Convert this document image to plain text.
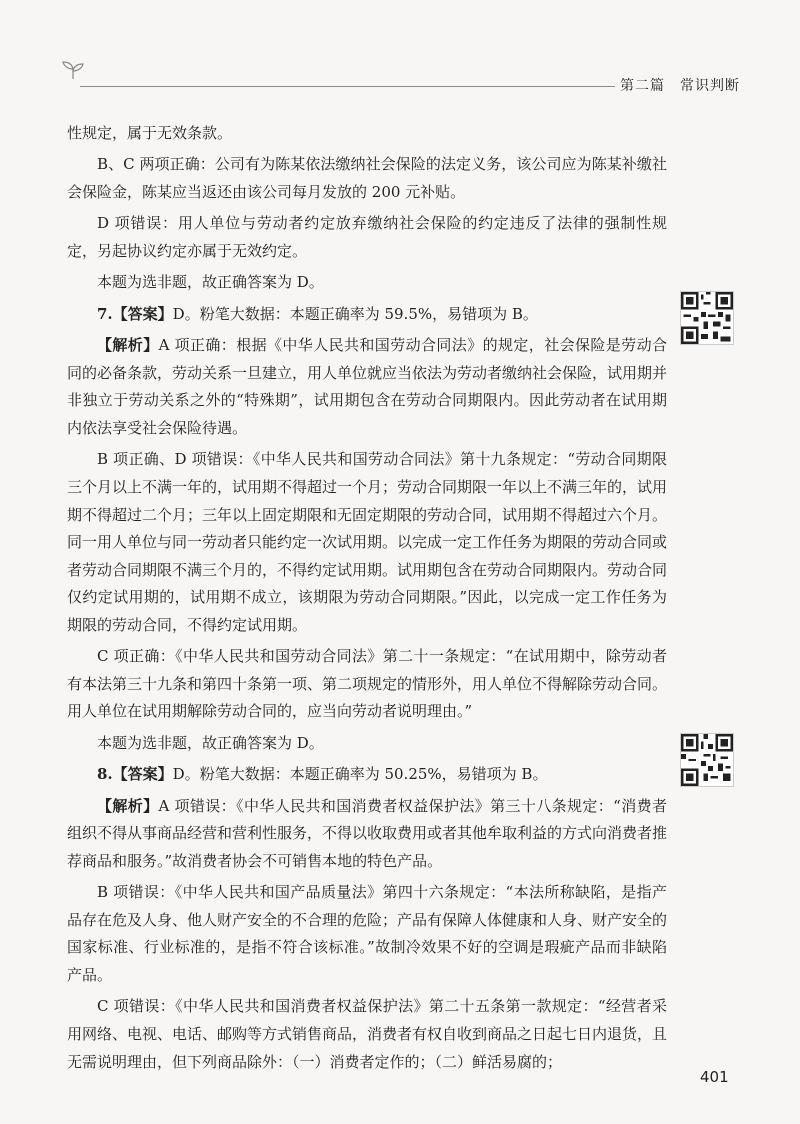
第二篇　常识判断

性规定，属于无效条款。

B、C 两项正确：公司有为陈某依法缴纳社会保险的法定义务，该公司应为陈某补缴社会保险金，陈某应当返还由该公司每月发放的 200 元补贴。

D 项错误：用人单位与劳动者约定放弃缴纳社会保险的约定违反了法律的强制性规定，另起协议约定亦属于无效约定。

本题为选非题，故正确答案为 D。

7.【答案】D。粉笔大数据：本题正确率为 59.5%，易错项为 B。

【解析】A 项正确：根据《中华人民共和国劳动合同法》的规定，社会保险是劳动合同的必备条款，劳动关系一旦建立，用人单位就应当依法为劳动者缴纳社会保险，试用期并非独立于劳动关系之外的“特殊期”，试用期包含在劳动合同期限内。因此劳动者在试用期内依法享受社会保险待遇。

B 项正确、D 项错误：《中华人民共和国劳动合同法》第十九条规定：“劳动合同期限三个月以上不满一年的，试用期不得超过一个月；劳动合同期限一年以上不满三年的，试用期不得超过二个月；三年以上固定期限和无固定期限的劳动合同，试用期不得超过六个月。同一用人单位与同一劳动者只能约定一次试用期。以完成一定工作任务为期限的劳动合同或者劳动合同期限不满三个月的，不得约定试用期。试用期包含在劳动合同期限内。劳动合同仅约定试用期的，试用期不成立，该期限为劳动合同期限。”因此，以完成一定工作任务为期限的劳动合同，不得约定试用期。

C 项正确：《中华人民共和国劳动合同法》第二十一条规定：“在试用期中，除劳动者有本法第三十九条和第四十条第一项、第二项规定的情形外，用人单位不得解除劳动合同。用人单位在试用期解除劳动合同的，应当向劳动者说明理由。”

本题为选非题，故正确答案为 D。

8.【答案】D。粉笔大数据：本题正确率为 50.25%，易错项为 B。

【解析】A 项错误：《中华人民共和国消费者权益保护法》第三十八条规定：“消费者组织不得从事商品经营和营利性服务，不得以收取费用或者其他牟取利益的方式向消费者推荐商品和服务。”故消费者协会不可销售本地的特色产品。

B 项错误：《中华人民共和国产品质量法》第四十六条规定：“本法所称缺陷，是指产品存在危及人身、他人财产安全的不合理的危险；产品有保障人体健康和人身、财产安全的国家标准、行业标准的，是指不符合该标准。”故制冷效果不好的空调是瑕疵产品而非缺陷产品。

C 项错误：《中华人民共和国消费者权益保护法》第二十五条第一款规定：“经营者采用网络、电视、电话、邮购等方式销售商品，消费者有权自收到商品之日起七日内退货，且无需说明理由，但下列商品除外：（一）消费者定作的；（二）鲜活易腐的；

401
